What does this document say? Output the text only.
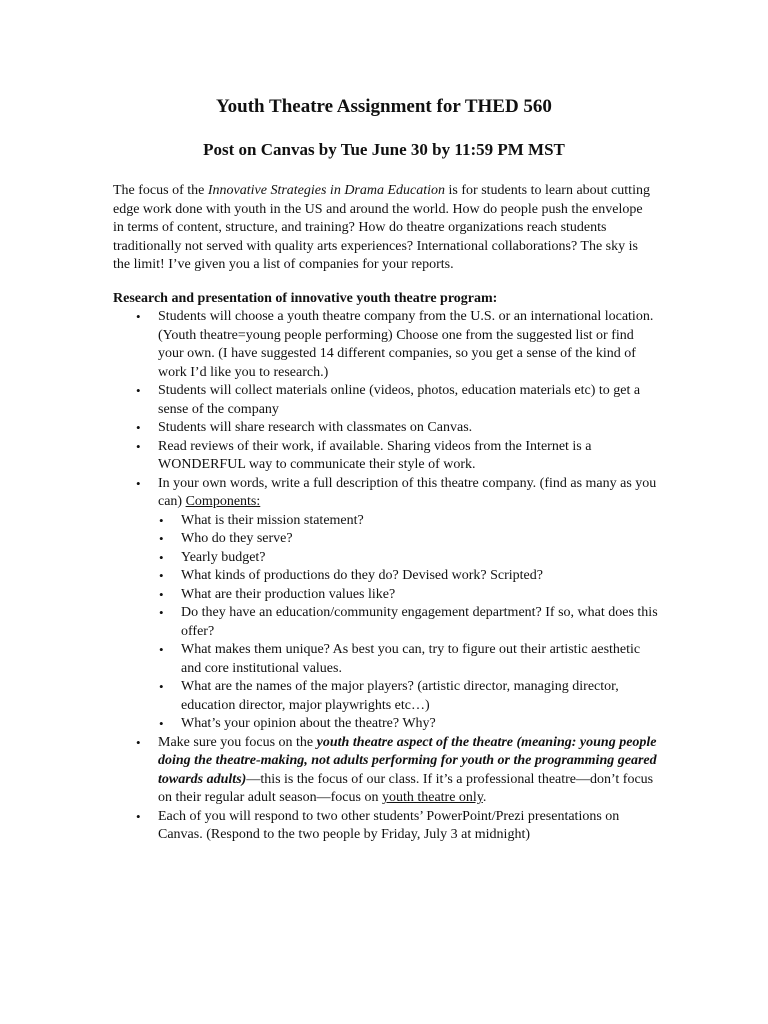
Youth Theatre Assignment for THED 560
Post on Canvas by Tue June 30 by 11:59 PM MST

The focus of the Innovative Strategies in Drama Education is for students to learn about cutting edge work done with youth in the US and around the world. How do people push the envelope in terms of content, structure, and training? How do theatre organizations reach students traditionally not served with quality arts experiences? International collaborations? The sky is the limit! I’ve given you a list of companies for your reports.

Research and presentation of innovative youth theatre program:

• Students will choose a youth theatre company from the U.S. or an international location. (Youth theatre=young people performing) Choose one from the suggested list or find your own. (I have suggested 14 different companies, so you get a sense of the kind of work I’d like you to research.)
• Students will collect materials online (videos, photos, education materials etc) to get a sense of the company
• Students will share research with classmates on Canvas.
• Read reviews of their work, if available. Sharing videos from the Internet is a WONDERFUL way to communicate their style of work.
• In your own words, write a full description of this theatre company. (find as many as you can) Components:
• What is their mission statement?
• Who do they serve?
• Yearly budget?
• What kinds of productions do they do? Devised work? Scripted?
• What are their production values like?
• Do they have an education/community engagement department? If so, what does this offer?
• What makes them unique? As best you can, try to figure out their artistic aesthetic and core institutional values.
• What are the names of the major players? (artistic director, managing director, education director, major playwrights etc…)
• What’s your opinion about the theatre? Why?
• Make sure you focus on the youth theatre aspect of the theatre (meaning: young people doing the theatre-making, not adults performing for youth or the programming geared towards adults)—this is the focus of our class. If it’s a professional theatre—don’t focus on their regular adult season—focus on youth theatre only.
• Each of you will respond to two other students’ PowerPoint/Prezi presentations on Canvas. (Respond to the two people by Friday, July 3 at midnight)
